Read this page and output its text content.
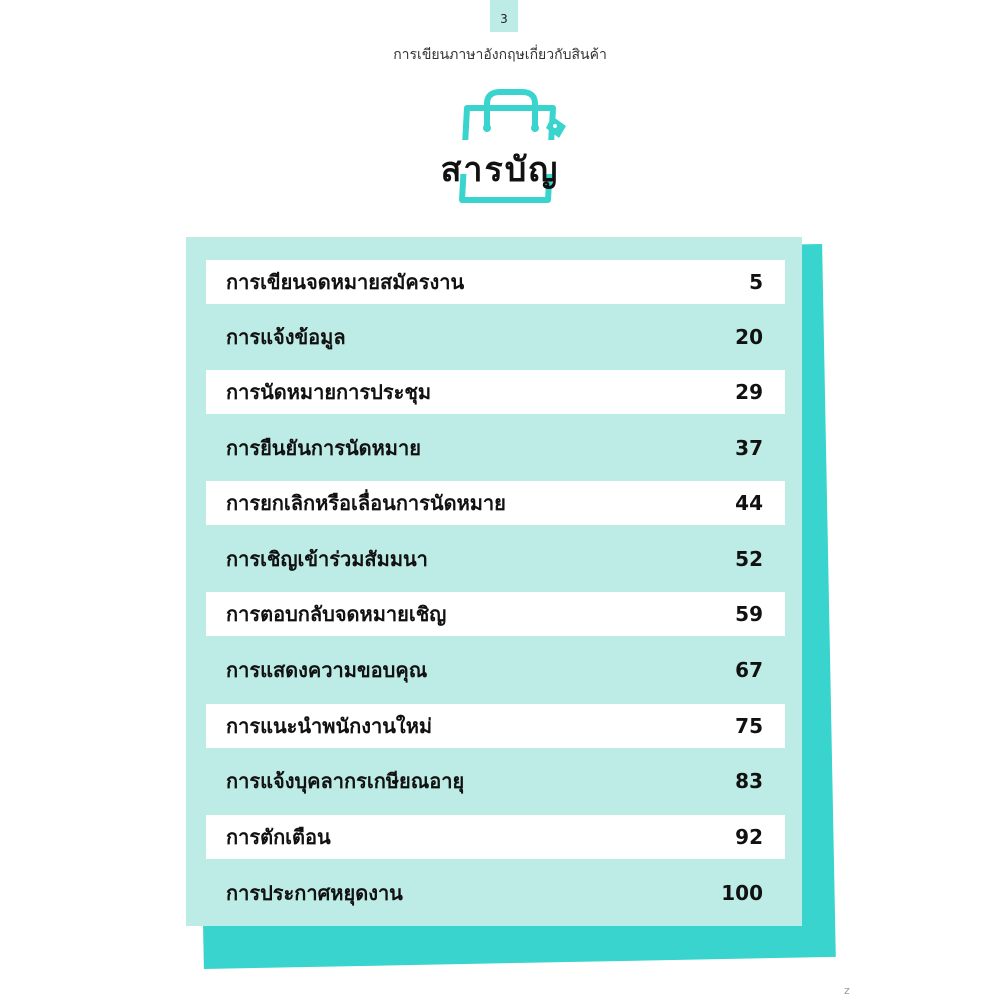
3
การเขียนภาษาอังกฤษเกี่ยวกับสินค้า
สารบัญ
การเขียนจดหมายสมัครงาน	5
การแจ้งข้อมูล	20
การนัดหมายการประชุม	29
การยืนยันการนัดหมาย	37
การยกเลิกหรือเลื่อนการนัดหมาย	44
การเชิญเข้าร่วมสัมมนา	52
การตอบกลับจดหมายเชิญ	59
การแสดงความขอบคุณ	67
การแนะนำพนักงานใหม่	75
การแจ้งบุคลากรเกษียณอายุ	83
การตักเตือน	92
การประกาศหยุดงาน	100
z
